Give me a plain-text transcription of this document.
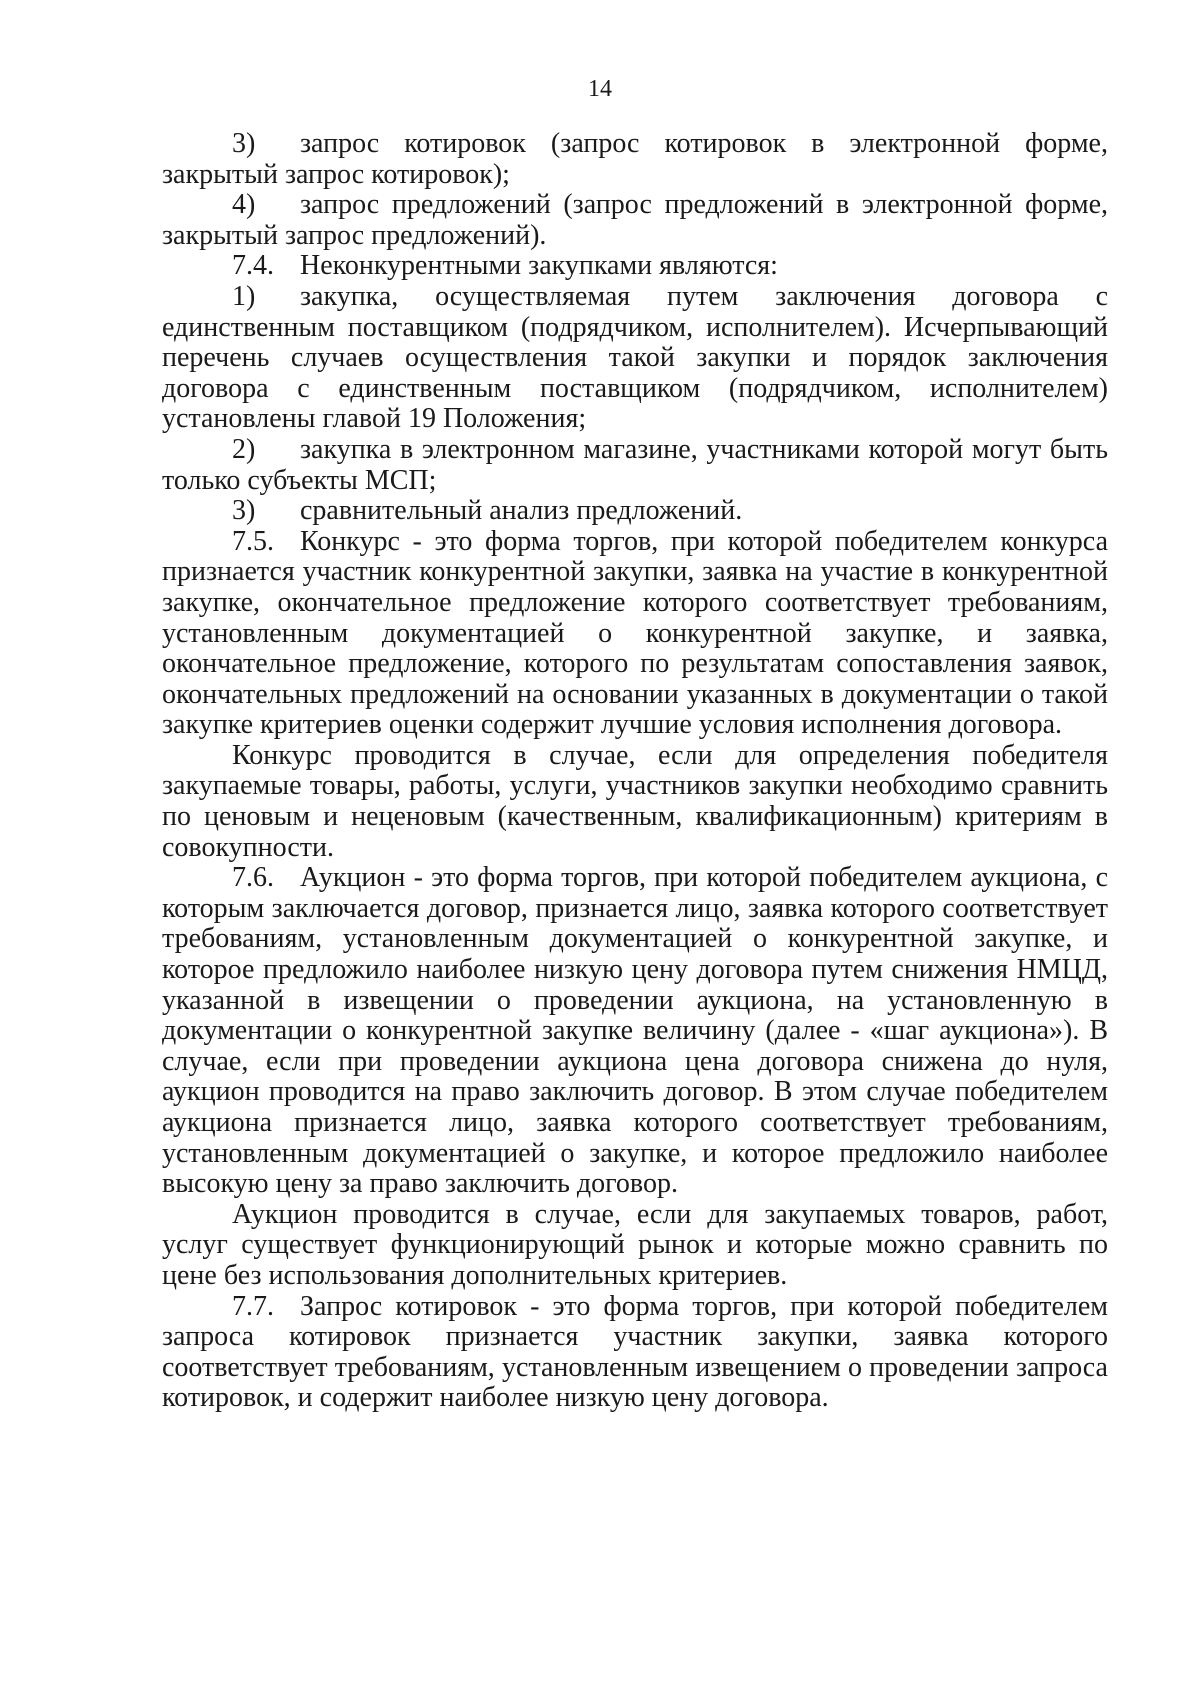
14

3) запрос котировок (запрос котировок в электронной форме, закрытый запрос котировок);

4) запрос предложений (запрос предложений в электронной форме, закрытый запрос предложений).

7.4. Неконкурентными закупками являются:

1) закупка, осуществляемая путем заключения договора с единственным поставщиком (подрядчиком, исполнителем). Исчерпывающий перечень случаев осуществления такой закупки и порядок заключения договора с единственным поставщиком (подрядчиком, исполнителем) установлены главой 19 Положения;

2) закупка в электронном магазине, участниками которой могут быть только субъекты МСП;

3) сравнительный анализ предложений.

7.5. Конкурс - это форма торгов, при которой победителем конкурса признается участник конкурентной закупки, заявка на участие в конкурентной закупке, окончательное предложение которого соответствует требованиям, установленным документацией о конкурентной закупке, и заявка, окончательное предложение, которого по результатам сопоставления заявок, окончательных предложений на основании указанных в документации о такой закупке критериев оценки содержит лучшие условия исполнения договора.

Конкурс проводится в случае, если для определения победителя закупаемые товары, работы, услуги, участников закупки необходимо сравнить по ценовым и неценовым (качественным, квалификационным) критериям в совокупности.

7.6. Аукцион - это форма торгов, при которой победителем аукциона, с которым заключается договор, признается лицо, заявка которого соответствует требованиям, установленным документацией о конкурентной закупке, и которое предложило наиболее низкую цену договора путем снижения НМЦД, указанной в извещении о проведении аукциона, на установленную в документации о конкурентной закупке величину (далее - «шаг аукциона»). В случае, если при проведении аукциона цена договора снижена до нуля, аукцион проводится на право заключить договор. В этом случае победителем аукциона признается лицо, заявка которого соответствует требованиям, установленным документацией о закупке, и которое предложило наиболее высокую цену за право заключить договор.

Аукцион проводится в случае, если для закупаемых товаров, работ, услуг существует функционирующий рынок и которые можно сравнить по цене без использования дополнительных критериев.

7.7. Запрос котировок - это форма торгов, при которой победителем запроса котировок признается участник закупки, заявка которого соответствует требованиям, установленным извещением о проведении запроса котировок, и содержит наиболее низкую цену договора.
